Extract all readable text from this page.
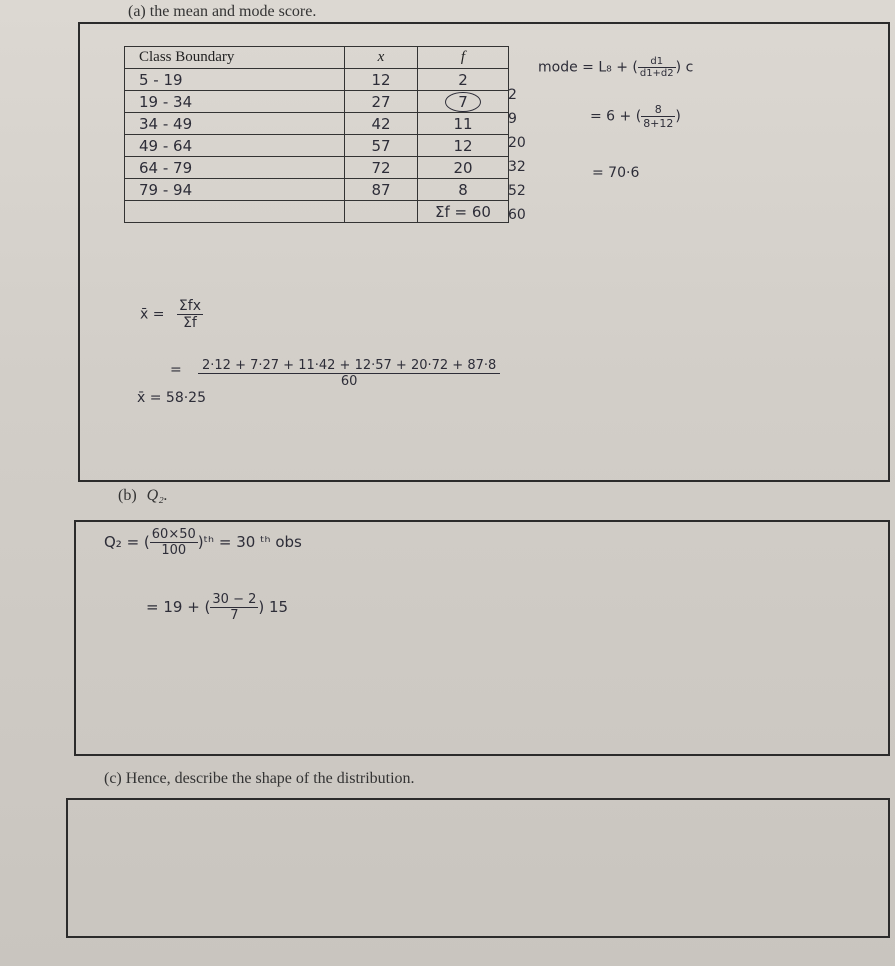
(a) the mean and mode score.
Class Boundary	x	f
5 - 19	12	2
19 - 34	27	7
34 - 49	42	11
49 - 64	57	12
64 - 79	72	20
79 - 94	87	8
		Σf = 60
2
9
20
32
52
60
mode = L₈ + ( $\frac{d1}{d1+d2}$ ) c
= 6 + ( $\frac{8}{8+12}$ )
= 70·6
x̄ = $\frac{\text{Σfx}}{\Sigma f}$
= $\frac{2\cdot 12 + 7\cdot 27 + 11\cdot 42 + 12\cdot 57 + 20\cdot 72 + 87\cdot 8}{60}$
x̄ = 58·25
(b) Q₂.
Q₂ = ( $\frac{60\times 50}{100}$ )ᵗʰ = 30 ᵗʰ obs
= 19 + ( $\frac{30 - 2}{7}$ ) 15
(c) Hence, describe the shape of the distribution.
